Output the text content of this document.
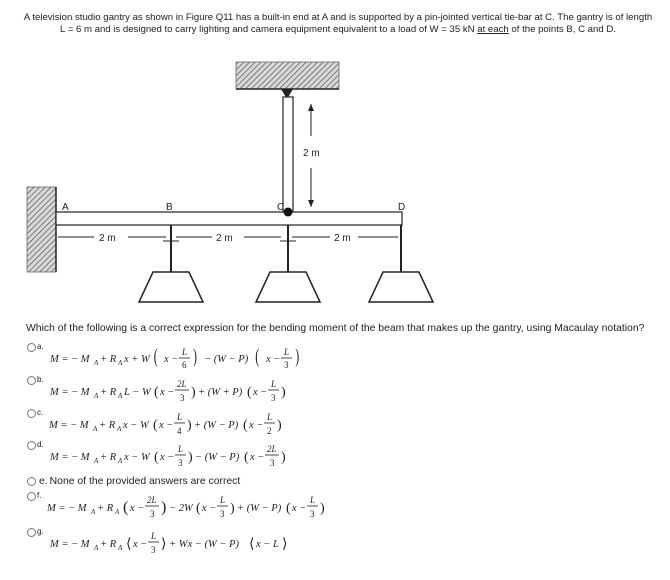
A television studio gantry as shown in Figure Q11 has a built-in end at A and is supported by a pin-jointed vertical tie-bar at C. The gantry is of length
L = 6 m and is designed to carry lighting and camera equipment equivalent to a load of W = 35 kN at each of the points B, C and D.
A	B	C	D
2 m
2 m	2 m	2 m
Which of the following is a correct expression for the bending moment of the beam that makes up the gantry, using Macaulay notation?
a.
M = − M A + R A x + W ( x −
L
6 ) − (W − P) ( x −
L
3 )
b.
M = − M A + R A L − W ( x −
2L
3 ) + (W + P) ( x −
L
3 )
c.
M = − M A + R A x − W ( x −
L
4 ) + (W − P) ( x −
L
2 )
d.
M = − M A + R A x − W ( x −
L
3 ) − (W − P) ( x −
2L
3 )
e. None of the provided answers are correct
f.
M = − M A + R A ( x −
2L
3 ) − 2W ( x −
L
3 ) + (W − P) ( x −
L
3 )
g.
M = − M A + R A ⟨ x −
L
3 ⟩ + Wx − (W − P) ⟨ x − L ⟩
